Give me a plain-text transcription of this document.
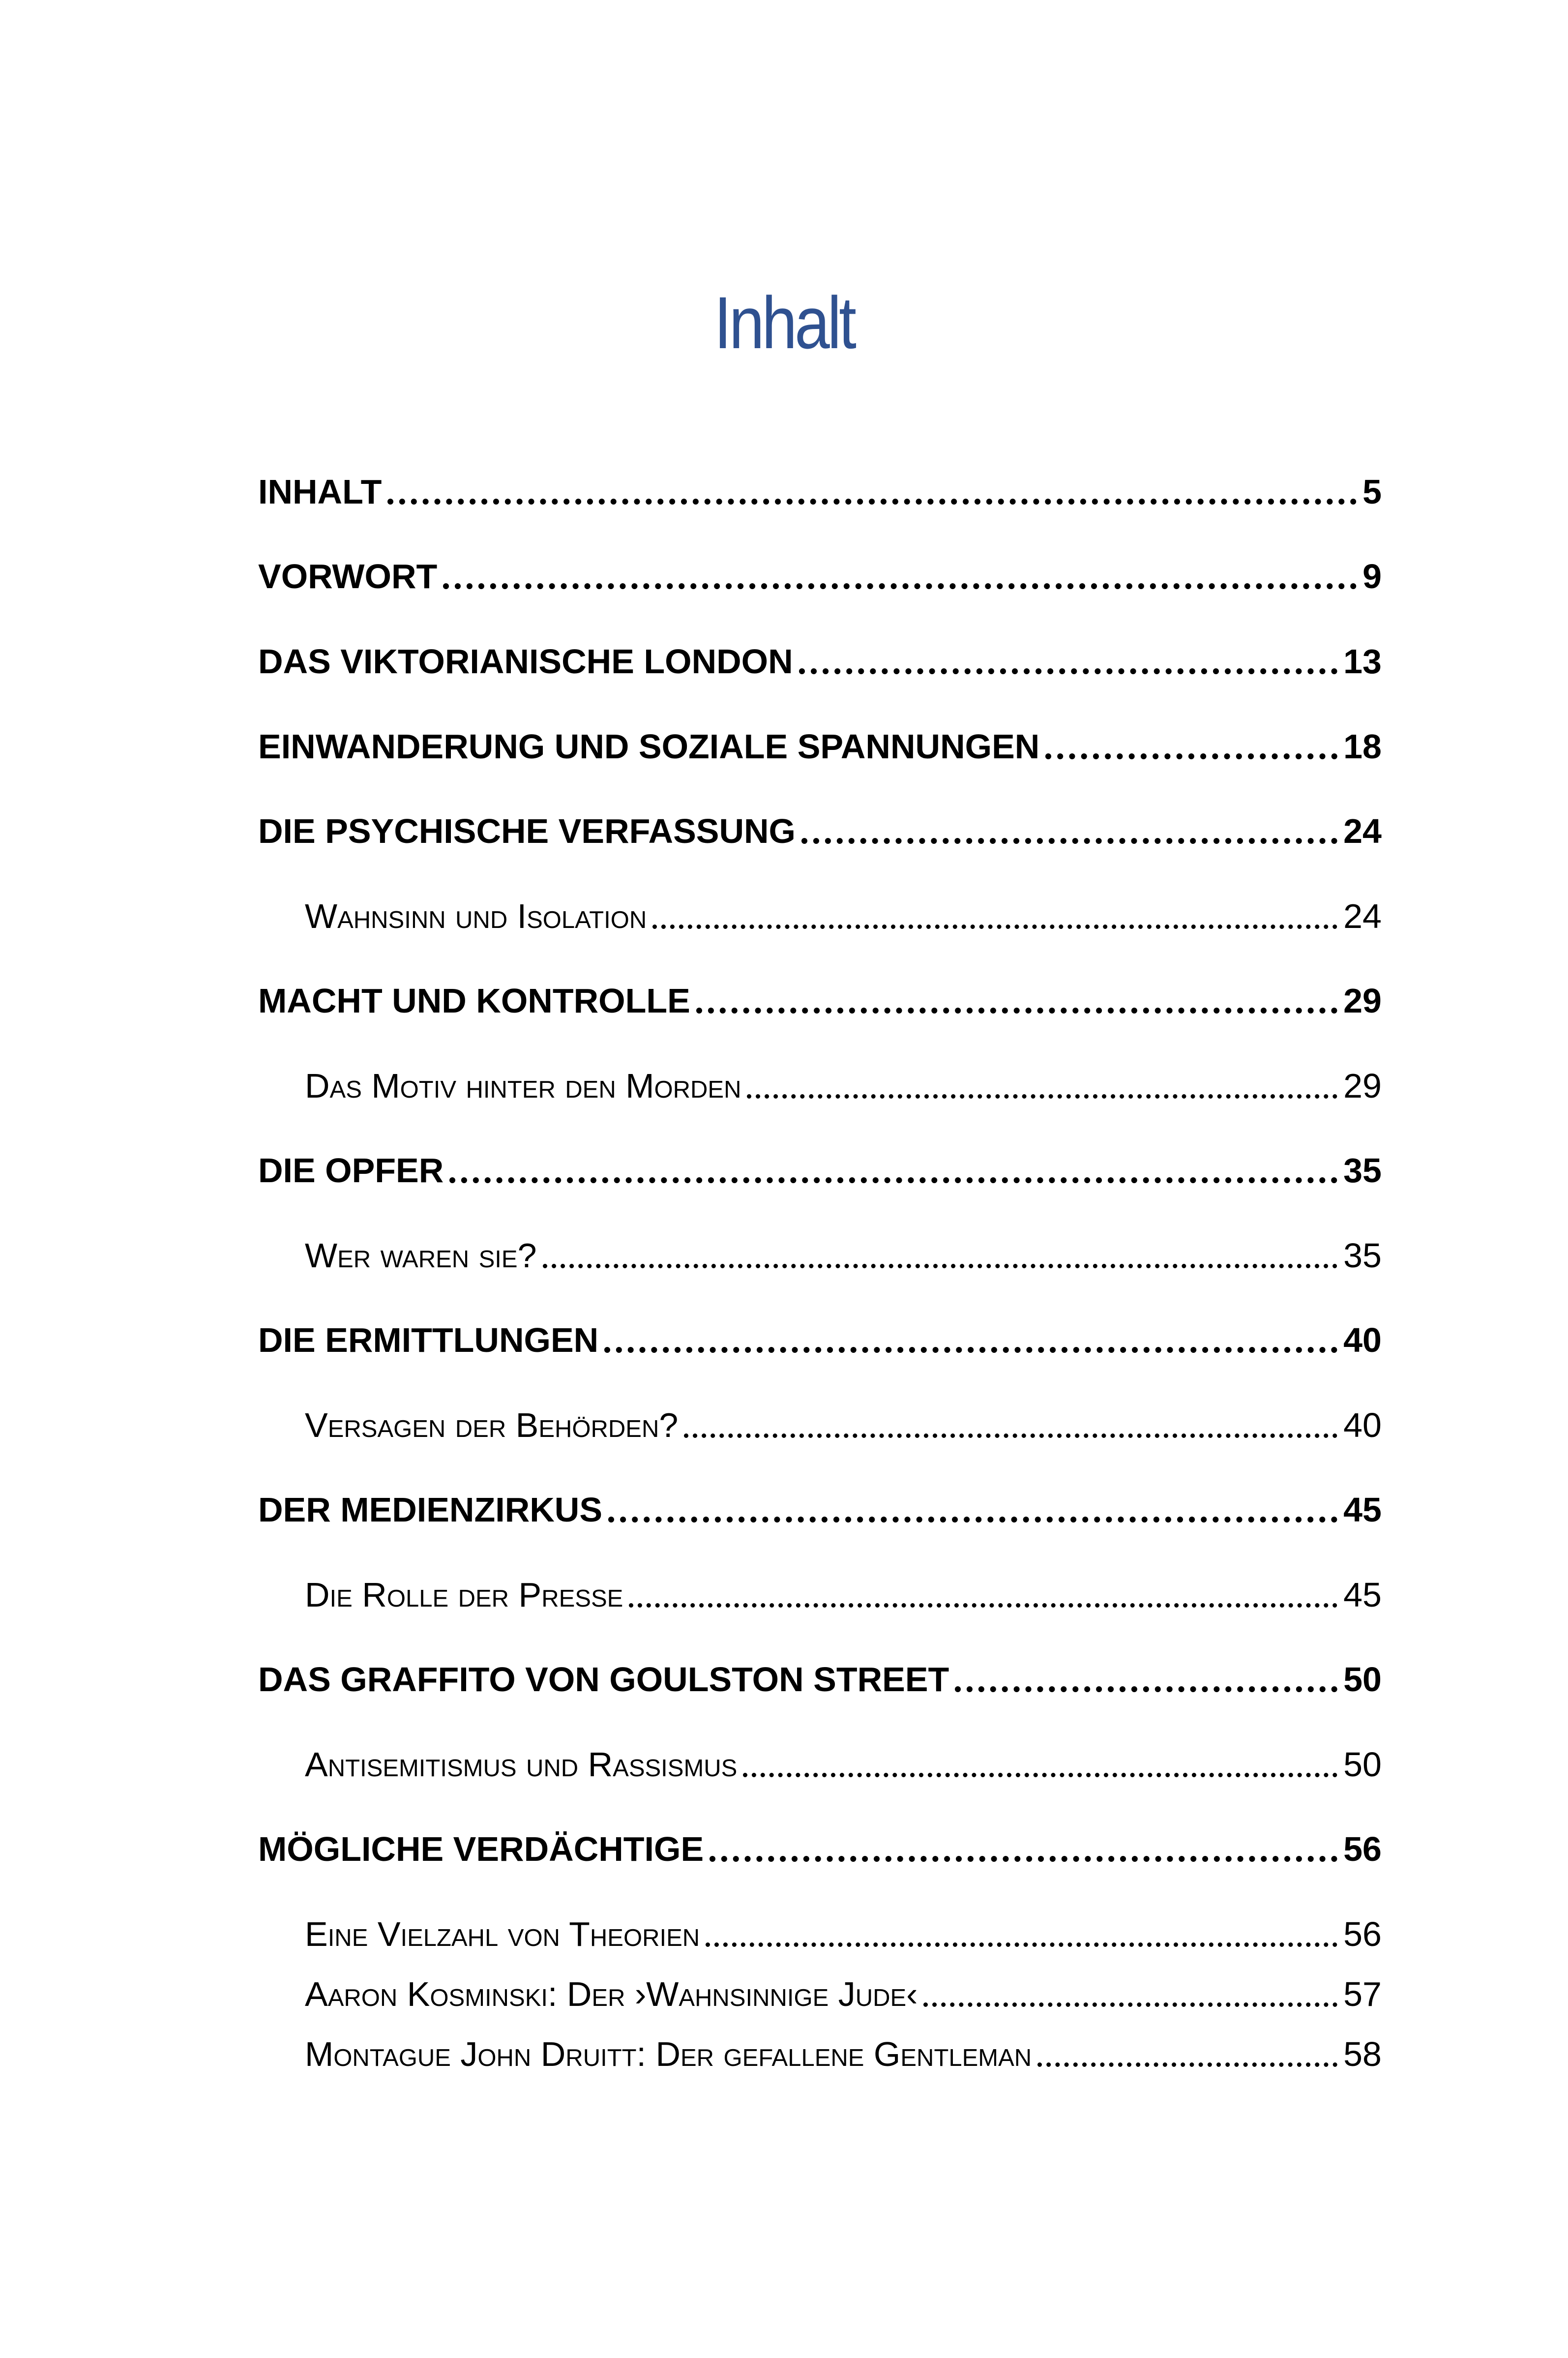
Inhalt
INHALT	5
VORWORT	9
DAS VIKTORIANISCHE LONDON	13
EINWANDERUNG UND SOZIALE SPANNUNGEN	18
DIE PSYCHISCHE VERFASSUNG	24
Wahnsinn und Isolation	24
MACHT UND KONTROLLE	29
Das Motiv hinter den Morden	29
DIE OPFER	35
Wer waren sie?	35
DIE ERMITTLUNGEN	40
Versagen der Behörden?	40
DER MEDIENZIRKUS	45
Die Rolle der Presse	45
DAS GRAFFITO VON GOULSTON STREET	50
Antisemitismus und Rassismus	50
MÖGLICHE VERDÄCHTIGE	56
Eine Vielzahl von Theorien	56
Aaron Kosminski: Der ›Wahnsinnige Jude‹	57
Montague John Druitt: Der gefallene Gentleman	58
